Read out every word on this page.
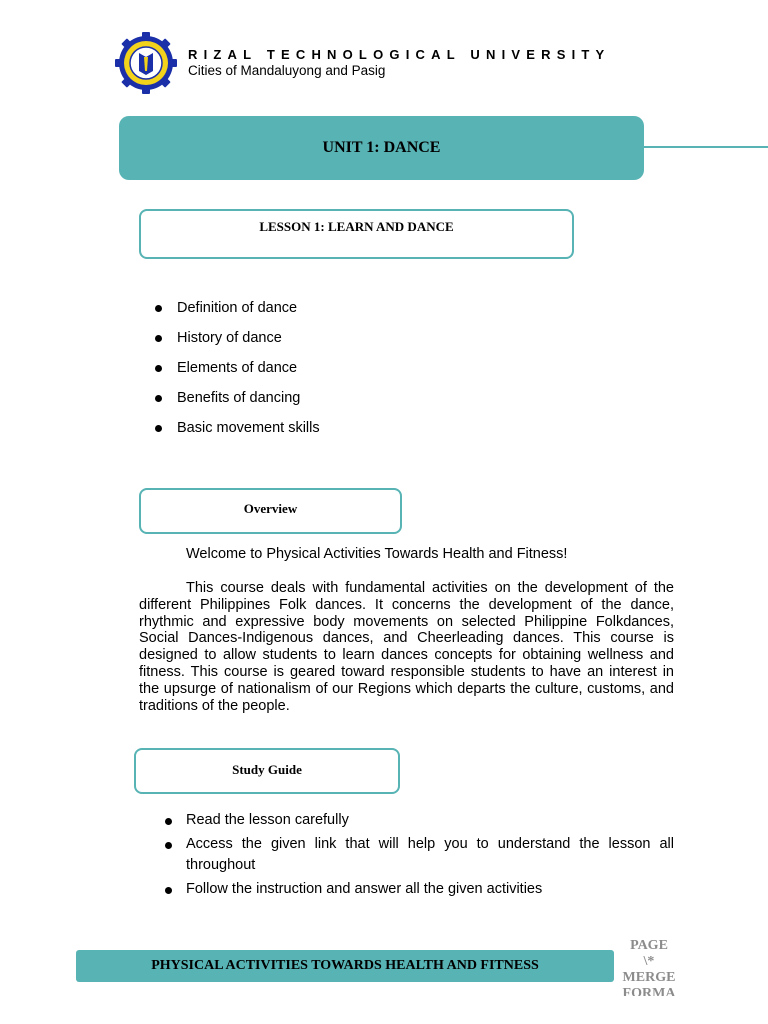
RIZAL TECHNOLOGICAL UNIVERSITY
Cities of Mandaluyong and Pasig
UNIT 1: DANCE
LESSON 1: LEARN AND DANCE
Definition of dance
History of dance
Elements of dance
Benefits of dancing
Basic movement skills
Overview
Welcome to Physical Activities Towards Health and Fitness!

This course deals with fundamental activities on the development of the different Philippines Folk dances. It concerns the development of the dance, rhythmic and expressive body movements on selected Philippine Folkdances, Social Dances-Indigenous dances, and Cheerleading dances. This course is designed to allow students to learn dances concepts for obtaining wellness and fitness. This course is geared toward responsible students to have an interest in the upsurge of nationalism of our Regions which departs the culture, customs, and traditions of the people.

Study Guide
Read the lesson carefully
Access the given link that will help you to understand the lesson all throughout
Follow the instruction and answer all the given activities
PHYSICAL ACTIVITIES TOWARDS HEALTH AND FITNESS
PAGE
\*
MERGE
FORMA
